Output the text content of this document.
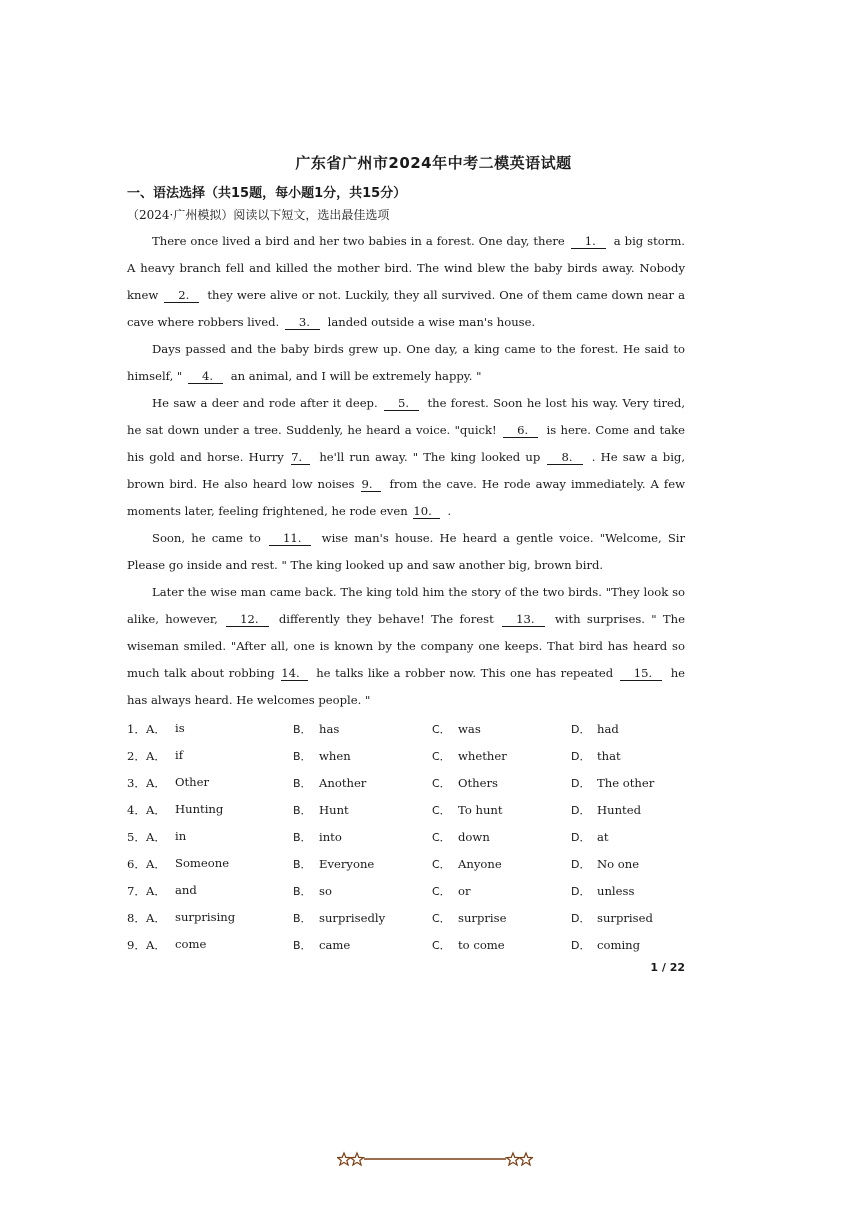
广东省广州市2024年中考二模英语试题
一、语法选择（共15题，每小题1分，共15分）
（2024·广州模拟）阅读以下短文，选出最佳选项

There once lived a bird and her two babies in a forest. One day, there 1. a big storm. A heavy branch fell and killed the mother bird. The wind blew the baby birds away. Nobody knew 2. they were alive or not. Luckily, they all survived. One of them came down near a cave where robbers lived. 3. landed outside a wise man's house.

Days passed and the baby birds grew up. One day, a king came to the forest. He said to himself, " 4. an animal, and I will be extremely happy. "

He saw a deer and rode after it deep. 5. the forest. Soon he lost his way. Very tired, he sat down under a tree. Suddenly, he heard a voice. "quick! 6. is here. Come and take his gold and horse. Hurry 7. he'll run away. " The king looked up 8. . He saw a big, brown bird. He also heard low noises 9. from the cave. He rode away immediately. A few moments later, feeling frightened, he rode even 10. .

Soon, he came to 11. wise man's house. He heard a gentle voice. "Welcome, Sir Please go inside and rest. " The king looked up and saw another big, brown bird.

Later the wise man came back. The king told him the story of the two birds. "They look so alike, however, 12. differently they behave! The forest 13. with surprises. " The wiseman smiled. "After all, one is known by the company one keeps. That bird has heard so much talk about robbing 14. he talks like a robber now. This one has repeated 15. he has always heard. He welcomes people. "

1．A． is	B． has	C． was	D． had
2．A． if	B． when	C． whether	D． that
3．A． Other	B． Another	C． Others	D． The other
4．A． Hunting	B． Hunt	C． To hunt	D． Hunted
5．A． in	B． into	C． down	D． at
6．A． Someone	B． Everyone	C． Anyone	D． No one
7．A． and	B． so	C． or	D． unless
8．A． surprising	B． surprisedly	C． surprise	D． surprised
9．A． come	B． came	C． to come	D． coming
1 / 22
